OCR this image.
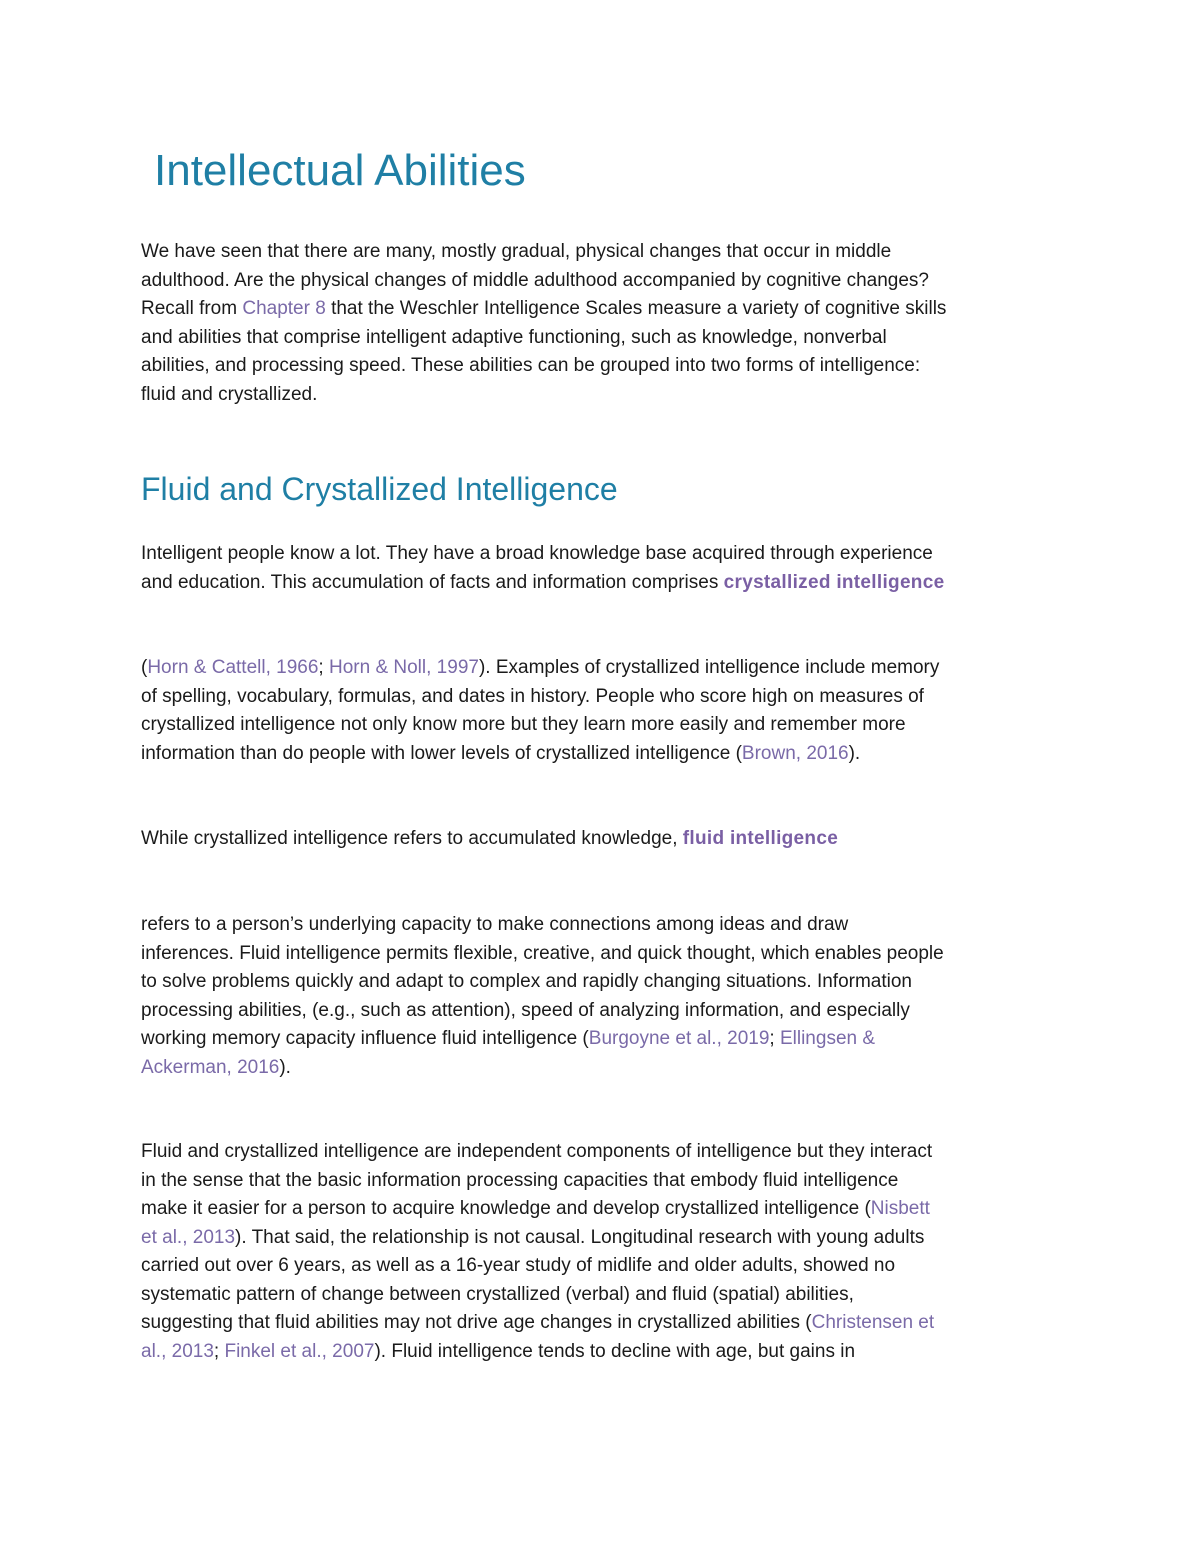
Intellectual Abilities

We have seen that there are many, mostly gradual, physical changes that occur in middle
adulthood. Are the physical changes of middle adulthood accompanied by cognitive changes?
Recall from Chapter 8 that the Weschler Intelligence Scales measure a variety of cognitive skills
and abilities that comprise intelligent adaptive functioning, such as knowledge, nonverbal
abilities, and processing speed. These abilities can be grouped into two forms of intelligence:
fluid and crystallized.

Fluid and Crystallized Intelligence

Intelligent people know a lot. They have a broad knowledge base acquired through experience
and education. This accumulation of facts and information comprises crystallized intelligence

(Horn & Cattell, 1966; Horn & Noll, 1997). Examples of crystallized intelligence include memory
of spelling, vocabulary, formulas, and dates in history. People who score high on measures of
crystallized intelligence not only know more but they learn more easily and remember more
information than do people with lower levels of crystallized intelligence (Brown, 2016).

While crystallized intelligence refers to accumulated knowledge, fluid intelligence

refers to a person’s underlying capacity to make connections among ideas and draw
inferences. Fluid intelligence permits flexible, creative, and quick thought, which enables people
to solve problems quickly and adapt to complex and rapidly changing situations. Information
processing abilities, (e.g., such as attention), speed of analyzing information, and especially
working memory capacity influence fluid intelligence (Burgoyne et al., 2019; Ellingsen &
Ackerman, 2016).

Fluid and crystallized intelligence are independent components of intelligence but they interact
in the sense that the basic information processing capacities that embody fluid intelligence
make it easier for a person to acquire knowledge and develop crystallized intelligence (Nisbett
et al., 2013). That said, the relationship is not causal. Longitudinal research with young adults
carried out over 6 years, as well as a 16-year study of midlife and older adults, showed no
systematic pattern of change between crystallized (verbal) and fluid (spatial) abilities,
suggesting that fluid abilities may not drive age changes in crystallized abilities (Christensen et
al., 2013; Finkel et al., 2007). Fluid intelligence tends to decline with age, but gains in
